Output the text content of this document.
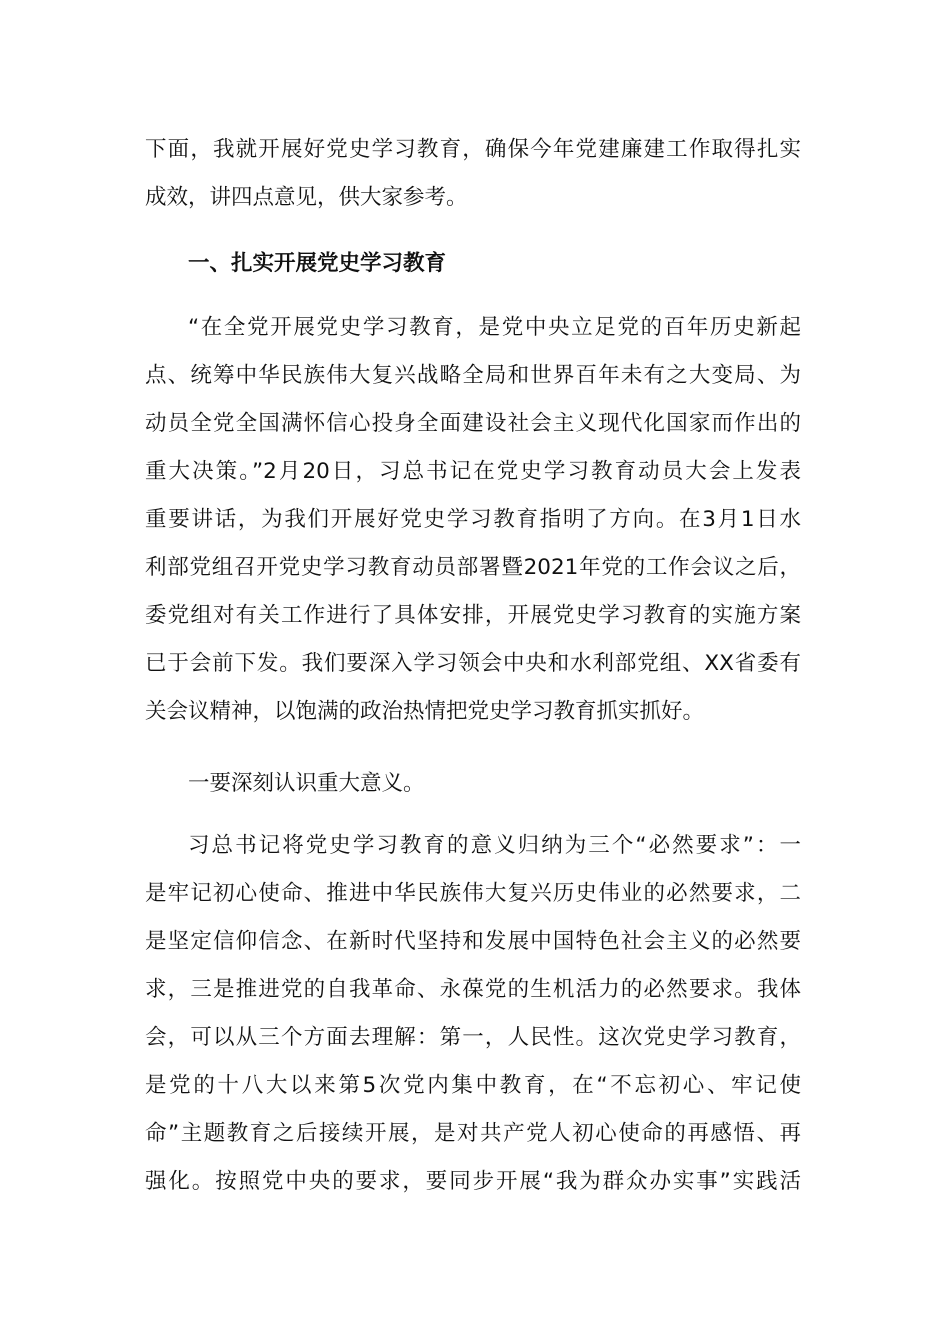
下面，我就开展好党史学习教育，确保今年党建廉建工作取得扎实
成效，讲四点意见，供大家参考。
一、扎实开展党史学习教育
“在全党开展党史学习教育，是党中央立足党的百年历史新起
点、统筹中华民族伟大复兴战略全局和世界百年未有之大变局、为
动员全党全国满怀信心投身全面建设社会主义现代化国家而作出的
重大决策。”2月20日，习总书记在党史学习教育动员大会上发表
重要讲话，为我们开展好党史学习教育指明了方向。在3月1日水
利部党组召开党史学习教育动员部署暨2021年党的工作会议之后，
委党组对有关工作进行了具体安排，开展党史学习教育的实施方案
已于会前下发。我们要深入学习领会中央和水利部党组、XX省委有
关会议精神，以饱满的政治热情把党史学习教育抓实抓好。
一要深刻认识重大意义。
习总书记将党史学习教育的意义归纳为三个“必然要求”：一
是牢记初心使命、推进中华民族伟大复兴历史伟业的必然要求，二
是坚定信仰信念、在新时代坚持和发展中国特色社会主义的必然要
求，三是推进党的自我革命、永葆党的生机活力的必然要求。我体
会，可以从三个方面去理解：第一，人民性。这次党史学习教育，
是党的十八大以来第5次党内集中教育，在“不忘初心、牢记使
命”主题教育之后接续开展，是对共产党人初心使命的再感悟、再
强化。按照党中央的要求，要同步开展“我为群众办实事”实践活
